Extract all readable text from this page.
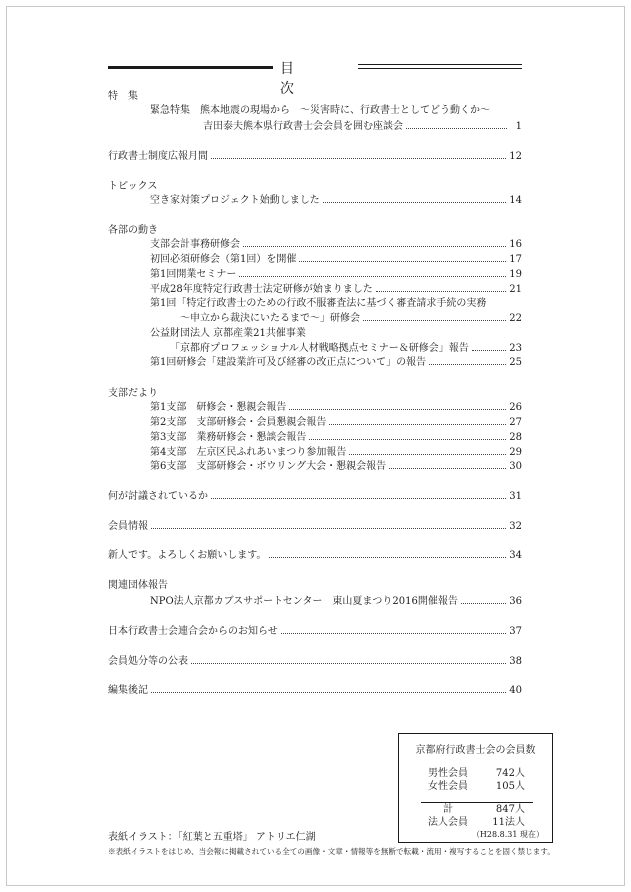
目次
特　集
緊急特集　熊本地震の現場から　～災害時に、行政書士としてどう動くか～
吉田泰夫熊本県行政書士会会員を囲む座談会	1
行政書士制度広報月間	12
トピックス
空き家対策プロジェクト始動しました	14
各部の動き
支部会計事務研修会	16
初回必須研修会（第1回）を開催	17
第1回開業セミナー	19
平成28年度特定行政書士法定研修が始まりました	21
第1回「特定行政書士のための行政不服審査法に基づく審査請求手続の実務
～申立から裁決にいたるまで～」研修会	22
公益財団法人 京都産業21共催事業
「京都府プロフェッショナル人材戦略拠点セミナー＆研修会」報告	23
第1回研修会「建設業許可及び経審の改正点について」の報告	25
支部だより
第1支部　研修会・懇親会報告	26
第2支部　支部研修会・会員懇親会報告	27
第3支部　業務研修会・懇談会報告	28
第4支部　左京区民ふれあいまつり参加報告	29
第6支部　支部研修会・ボウリング大会・懇親会報告	30
何が討議されているか	31
会員情報	32
新人です。よろしくお願いします。	34
関連団体報告
NPO法人京都カブスサポートセンター　東山夏まつり2016開催報告	36
日本行政書士会連合会からのお知らせ	37
会員処分等の公表	38
編集後記	40
京都府行政書士会の会員数
男性会員	742人
女性会員	105人
計	847人
法人会員 11法人
（H28.8.31 現在）
表紙イラスト：「紅葉と五重塔」 アトリエ仁湖
※表紙イラストをはじめ、当会報に掲載されている全ての画像・文章・情報等を無断で転載・流用・複写することを固く禁じます。
